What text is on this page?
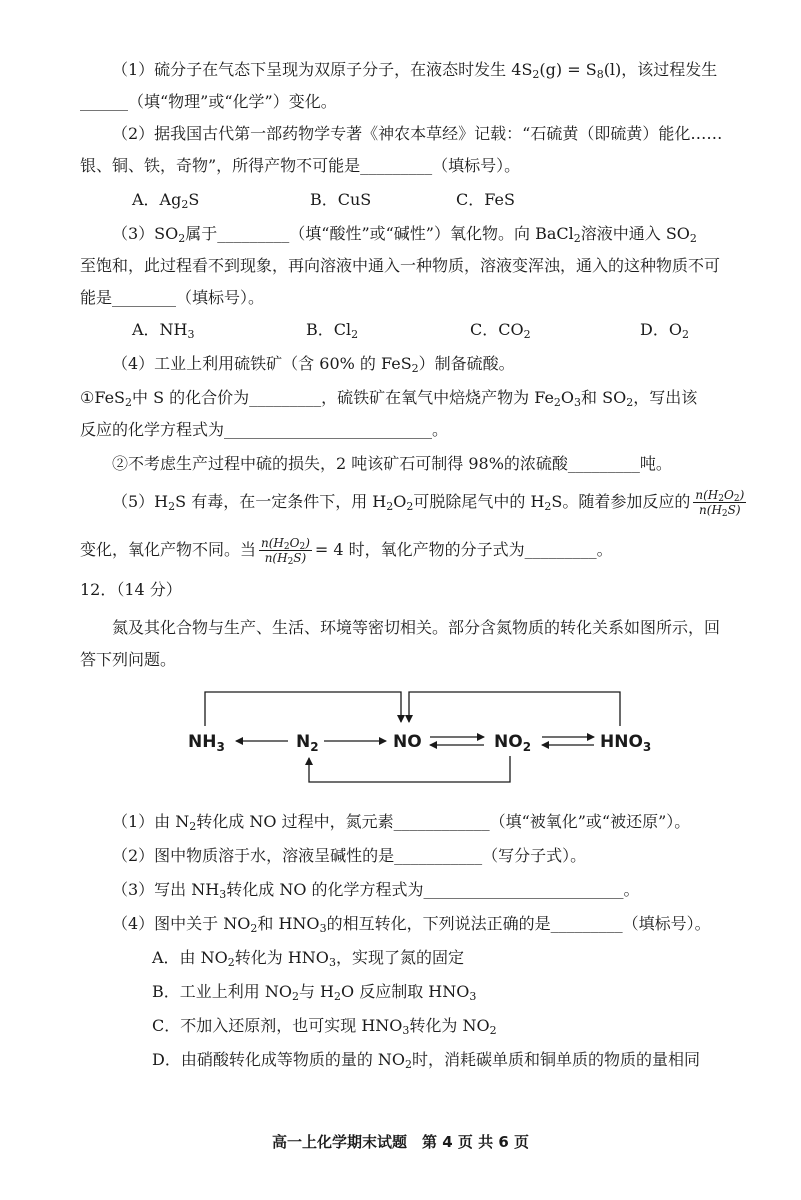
（1）硫分子在气态下呈现为双原子分子，在液态时发生 $4S_2(g) = S_8(l)$，该过程发生
______（填“物理”或“化学”）变化。
（2）据我国古代第一部药物学专著《神农本草经》记载：“石硫黄（即硫黄）能化……
银、铜、铁，奇物”，所得产物不可能是_________（填标号）。
A．$Ag_2S$	B．CuS	C．FeS
$(3)SO_2$属于_________（填“酸性”或“碱性”）氧化物。向 BaCl$_2$溶液中通入 $SO_2$
至饱和，此过程看不到现象，再向溶液中通入一种物质，溶液变浑浊，通入的这种物质不可
能是________（填标号）。
A．$NH_3$	B．$Cl_2$	C．$CO_2$	D．$O_2$
（4）工业上利用硫铁矿（含 60% 的 FeS$_2$）制备硫酸。
①FeS$_2$中 S 的化合价为_________，硫铁矿在氧气中焙烧产物为 $Fe_2O_3$和 $SO_2$，写出该
反应的化学方程式为__________________________。
②不考虑生产过程中硫的损失，2 吨该矿石可制得 98%的浓硫酸_________吨。
$(5)H_2S$ 有毒，在一定条件下，用 $H_2O_2$可脱除尾气中的 $H_2S$。随着参加反应的 $\frac{n(H_2O_2)}{n(H_2S)}$
变化，氧化产物不同。当 $\frac{n(H_2O_2)}{n(H_2S)} = 4$ 时，氧化产物的分子式为_________。
12．（14 分）
氮及其化合物与生产、生活、环境等密切相关。部分含氮物质的转化关系如图所示，回
答下列问题。
$NH_3$	$N_2$	NO	$NO_2$	$HNO_3$
（1）由 $N_2$转化成 NO 过程中，氮元素____________（填“被氧化”或“被还原”）。
（2）图中物质溶于水，溶液呈碱性的是___________（写分子式）。
（3）写出 $NH_3$转化成 NO 的化学方程式为_________________________。
（4）图中关于 $NO_2$和 $HNO_3$的相互转化，下列说法正确的是_________（填标号）。
A．由 $NO_2$转化为 $HNO_3$，实现了氮的固定
B．工业上利用 $NO_2$与 $H_2O$ 反应制取 $HNO_3$
C．不加入还原剂，也可实现 $HNO_3$转化为 $NO_2$
D．由硝酸转化成等物质的量的 $NO_2$时，消耗碳单质和铜单质的物质的量相同
高一上化学期末试题　第 4 页 共 6 页
